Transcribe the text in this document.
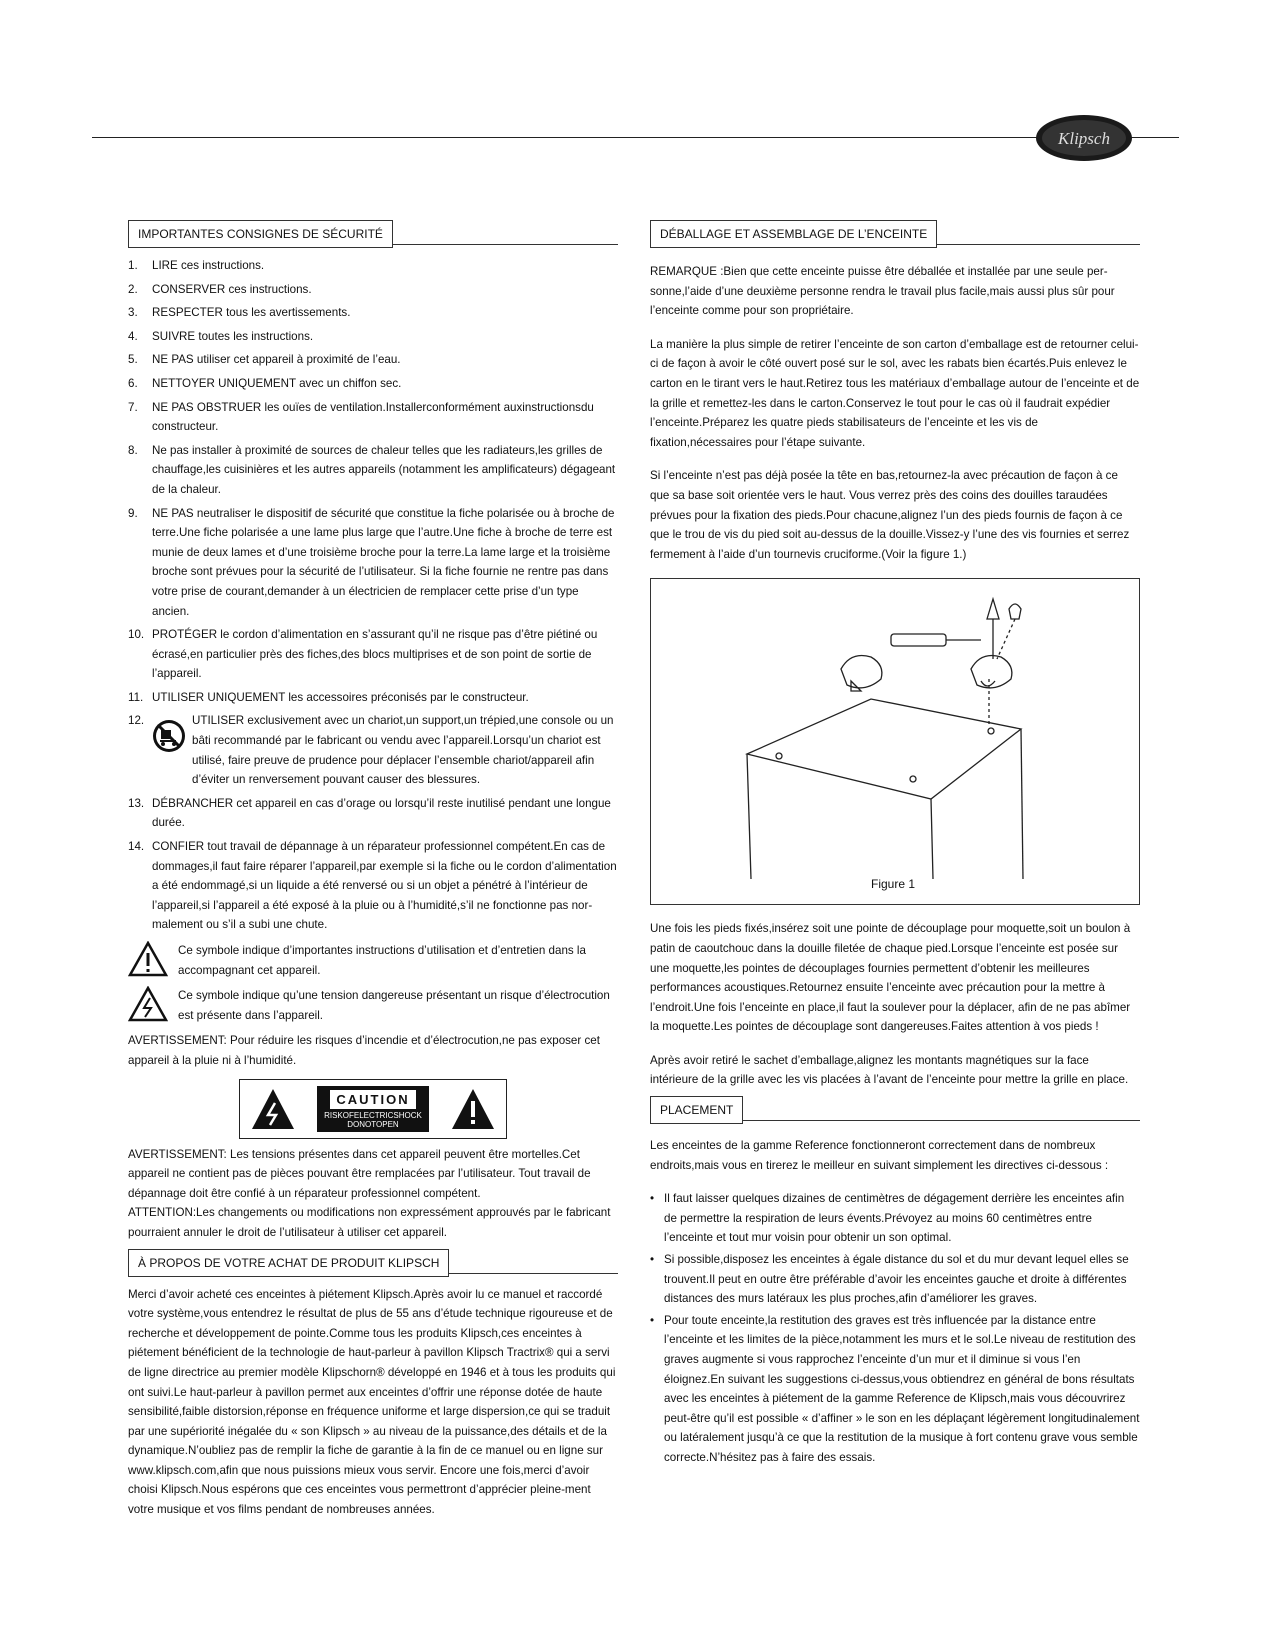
Klipsch
IMPORTANTES CONSIGNES DE SÉCURITÉ
1. LIRE ces instructions.
2. CONSERVER ces instructions.
3. RESPECTER tous les avertissements.
4. SUIVRE toutes les instructions.
5. NE PAS utiliser cet appareil à proximité de l’eau.
6. NETTOYER UNIQUEMENT avec un chiffon sec.
7. NE PAS OBSTRUER les ouïes de ventilation.Installerconformément auxinstructionsdu constructeur.
8. Ne pas installer à proximité de sources de chaleur telles que les radiateurs,les grilles de chauffage,les cuisinières et les autres appareils (notamment les amplificateurs) dégageant de la chaleur.
9. NE PAS neutraliser le dispositif de sécurité que constitue la fiche polarisée ou à broche de terre.Une fiche polarisée a une lame plus large que l’autre.Une fiche à broche de terre est munie de deux lames et d’une troisième broche pour la terre.La lame large et la troisième broche sont prévues pour la sécurité de l’utilisateur. Si la fiche fournie ne rentre pas dans votre prise de courant,demander à un électricien de remplacer cette prise d’un type ancien.
10. PROTÉGER le cordon d’alimentation en s’assurant qu’il ne risque pas d’être piétiné ou écrasé,en particulier près des fiches,des blocs multiprises et de son point de sortie de l’appareil.
11. UTILISER UNIQUEMENT les accessoires préconisés par le constructeur.
12.	UTILISER exclusivement avec un chariot,un support,un trépied,une console ou un bâti recommandé par le fabricant ou vendu avec l’appareil.Lorsqu’un chariot est utilisé, faire preuve de prudence pour déplacer l’ensemble chariot/appareil afin d’éviter un renversement pouvant causer des blessures.
13. DÉBRANCHER cet appareil en cas d’orage ou lorsqu’il reste inutilisé pendant une longue durée.
14. CONFIER tout travail de dépannage à un réparateur professionnel compétent.En cas de dommages,il faut faire réparer l’appareil,par exemple si la fiche ou le cordon d’alimentation a été endommagé,si un liquide a été renversé ou si un objet a pénétré à l’intérieur de l’appareil,si l’appareil a été exposé à la pluie ou à l’humidité,s’il ne fonctionne pas nor-malement ou s’il a subi une chute.
Ce symbole indique d’importantes instructions d’utilisation et d’entretien dans la accompagnant cet appareil.
Ce symbole indique qu’une tension dangereuse présentant un risque d’électrocution est présente dans l’appareil.

AVERTISSEMENT: Pour réduire les risques d’incendie et d’électrocution,ne pas exposer cet appareil à la pluie ni à l’humidité.

CAUTION
RISKOFELECTRICSHOCK
DONOTOPEN

AVERTISSEMENT: Les tensions présentes dans cet appareil peuvent être mortelles.Cet appareil ne contient pas de pièces pouvant être remplacées par l’utilisateur. Tout travail de dépannage doit être confié à un réparateur professionnel compétent.

ATTENTION:Les changements ou modifications non expressément approuvés par le fabricant pourraient annuler le droit de l’utilisateur à utiliser cet appareil.

À PROPOS DE VOTRE ACHAT DE PRODUIT KLIPSCH

Merci d’avoir acheté ces enceintes à piétement Klipsch.Après avoir lu ce manuel et raccordé votre système,vous entendrez le résultat de plus de 55 ans d’étude technique rigoureuse et de recherche et développement de pointe.Comme tous les produits Klipsch,ces enceintes à piétement bénéficient de la technologie de haut-parleur à pavillon Klipsch Tractrix® qui a servi de ligne directrice au premier modèle Klipschorn® développé en 1946 et à tous les produits qui ont suivi.Le haut-parleur à pavillon permet aux enceintes d’offrir une réponse dotée de haute sensibilité,faible distorsion,réponse en fréquence uniforme et large dispersion,ce qui se traduit par une supériorité inégalée du « son Klipsch » au niveau de la puissance,des détails et de la dynamique.N’oubliez pas de remplir la fiche de garantie à la fin de ce manuel ou en ligne sur www.klipsch.com,afin que nous puissions mieux vous servir. Encore une fois,merci d’avoir choisi Klipsch.Nous espérons que ces enceintes vous permettront d’apprécier pleine-ment votre musique et vos films pendant de nombreuses années.

DÉBALLAGE ET ASSEMBLAGE DE L’ENCEINTE

REMARQUE :Bien que cette enceinte puisse être déballée et installée par une seule per-sonne,l’aide d’une deuxième personne rendra le travail plus facile,mais aussi plus sûr pour l’enceinte comme pour son propriétaire.

La manière la plus simple de retirer l’enceinte de son carton d’emballage est de retourner celui-ci de façon à avoir le côté ouvert posé sur le sol, avec les rabats bien écartés.Puis enlevez le carton en le tirant vers le haut.Retirez tous les matériaux d’emballage autour de l’enceinte et de la grille et remettez-les dans le carton.Conservez le tout pour le cas où il faudrait expédier l’enceinte.Préparez les quatre pieds stabilisateurs de l’enceinte et les vis de fixation,nécessaires pour l’étape suivante.

Si l’enceinte n’est pas déjà posée la tête en bas,retournez-la avec précaution de façon à ce que sa base soit orientée vers le haut. Vous verrez près des coins des douilles taraudées prévues pour la fixation des pieds.Pour chacune,alignez l’un des pieds fournis de façon à ce que le trou de vis du pied soit au-dessus de la douille.Vissez-y l’une des vis fournies et serrez fermement à l’aide d’un tournevis cruciforme.(Voir la figure 1.)

Figure 1

Une fois les pieds fixés,insérez soit une pointe de découplage pour moquette,soit un boulon à patin de caoutchouc dans la douille filetée de chaque pied.Lorsque l’enceinte est posée sur une moquette,les pointes de découplages fournies permettent d’obtenir les meilleures performances acoustiques.Retournez ensuite l’enceinte avec précaution pour la mettre à l’endroit.Une fois l’enceinte en place,il faut la soulever pour la déplacer, afin de ne pas abîmer la moquette.Les pointes de découplage sont dangereuses.Faites attention à vos pieds !

Après avoir retiré le sachet d’emballage,alignez les montants magnétiques sur la face intérieure de la grille avec les vis placées à l’avant de l’enceinte pour mettre la grille en place.

PLACEMENT

Les enceintes de la gamme Reference fonctionneront correctement dans de nombreux endroits,mais vous en tirerez le meilleur en suivant simplement les directives ci-dessous :

• Il faut laisser quelques dizaines de centimètres de dégagement derrière les enceintes afin de permettre la respiration de leurs évents.Prévoyez au moins 60 centimètres entre l’enceinte et tout mur voisin pour obtenir un son optimal.
• Si possible,disposez les enceintes à égale distance du sol et du mur devant lequel elles se trouvent.Il peut en outre être préférable d’avoir les enceintes gauche et droite à différentes distances des murs latéraux les plus proches,afin d’améliorer les graves.
• Pour toute enceinte,la restitution des graves est très influencée par la distance entre l’enceinte et les limites de la pièce,notamment les murs et le sol.Le niveau de restitution des graves augmente si vous rapprochez l’enceinte d’un mur et il diminue si vous l’en éloignez.En suivant les suggestions ci-dessus,vous obtiendrez en général de bons résultats avec les enceintes à piétement de la gamme Reference de Klipsch,mais vous découvrirez peut-être qu’il est possible « d’affiner » le son en les déplaçant légèrement longitudinalement ou latéralement jusqu’à ce que la restitution de la musique à fort contenu grave vous semble correcte.N’hésitez pas à faire des essais.
